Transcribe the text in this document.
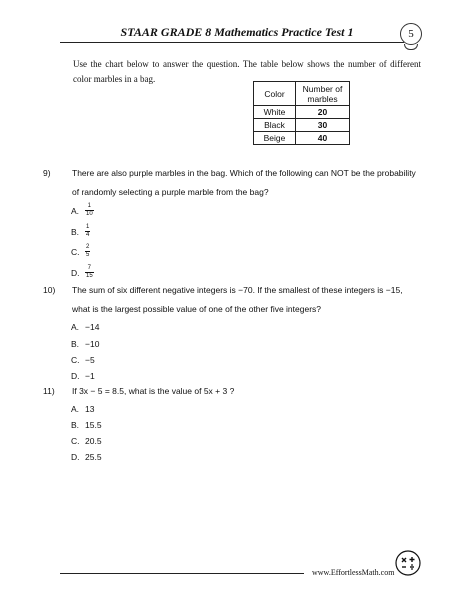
STAAR GRADE 8 Mathematics Practice Test 1	5
Use the chart below to answer the question. The table below shows the number of different color marbles in a bag.
Color	Number of marbles
White	20
Black	30
Beige	40
9)	There are also purple marbles in the bag. Which of the following can NOT be the probability
of randomly selecting a purple marble from the bag?
A. $\frac{1}{10}$
B. $\frac{1}{4}$
C. $\frac{2}{5}$
D. $\frac{7}{15}$
10) The sum of six different negative integers is −70. If the smallest of these integers is −15,
what is the largest possible value of one of the other five integers?
A. −14
B. −10
C. −5
D. −1
11) If 3x − 5 = 8.5, what is the value of 5x + 3 ?
A. 13
B. 15.5
C. 20.5
D. 25.5
www.EffortlessMath.com
